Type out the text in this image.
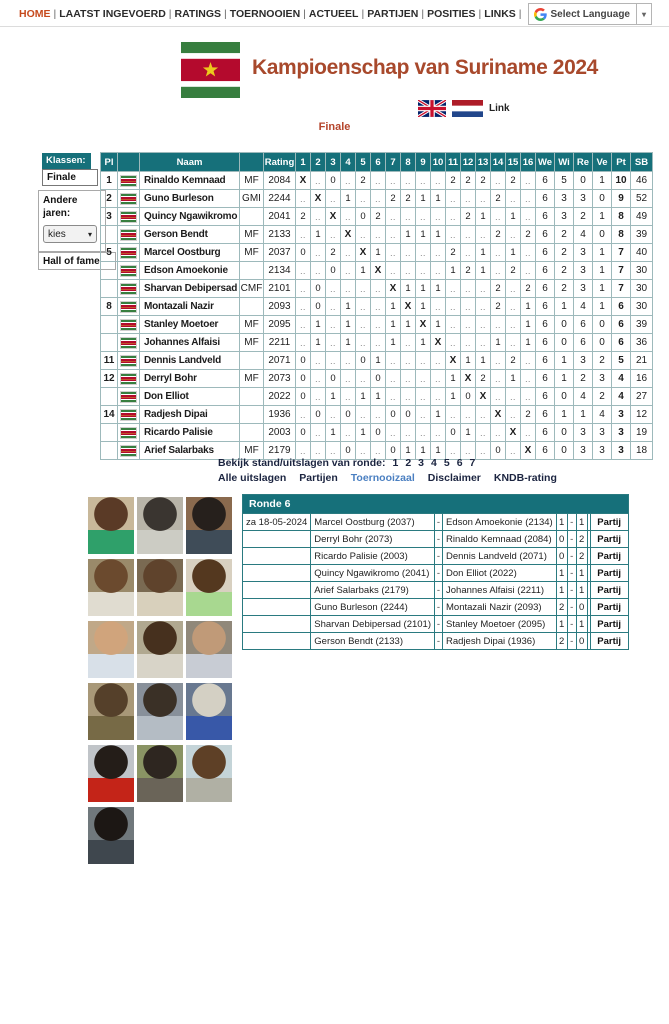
HOME | LAATST INGEVOERD | RATINGS | TOERNOOIEN | ACTUEEL | PARTIJEN | POSITIES | LINKS |	Select Language	▾
Kampioenschap van Suriname 2024
Link
Finale
Klassen:
Finale
Andere jaren:
kies	▾
Hall of fame
Pl		Naam		Rating	1	2	3	4	5	6	7	8	9	10	11	12	13	14	15	16	We	Wi	Re	Ve	Pt	SB
1		Rinaldo Kemnaad	MF	2084	X	..	0	..	2	..	..	..	..	..	2	2	2	..	2	..	6	5	0	1	10	46
2		Guno Burleson	GMI	2244	..	X	..	1	..	..	2	2	1	1	..	..	..	2	..	..	6	3	3	0	9	52
3		Quincy Ngawikromo		2041	2	..	X	..	0	2	..	..	..	..	..	2	1	..	1	..	6	3	2	1	8	49

	Gerson Bendt	MF	2133	..	1	..	X	..	..	..	1	1	1	..	..	..	2	..	2	6	2	4	0	8	39
5		Marcel Oostburg	MF	2037	0	..	2	..	X	1	..	..	..	..	2	..	1	..	1	..	6	2	3	1	7	40

	Edson Amoekonie		2134	..	..	0	..	1	X	..	..	..	..	1	2	1	..	2	..	6	2	3	1	7	30

	Sharvan Debipersad	CMF	2101	..	0	..	..	..	..	X	1	1	1	..	..	..	2	..	2	6	2	3	1	7	30
8		Montazali Nazir		2093	..	0	..	1	..	..	1	X	1	..	..	..	..	2	..	1	6	1	4	1	6	30

	Stanley Moetoer	MF	2095	..	1	..	1	..	..	1	1	X	1	..	..	..	..	..	1	6	0	6	0	6	39

	Johannes Alfaisi	MF	2211	..	1	..	1	..	..	1	..	1	X	..	..	..	1	..	1	6	0	6	0	6	36
11		Dennis Landveld		2071	0	..	..	..	0	1	..	..	..	..	X	1	1	..	2	..	6	1	3	2	5	21
12		Derryl Bohr	MF	2073	0	..	0	..	..	0	..	..	..	..	1	X	2	..	1	..	6	1	2	3	4	16

	Don Elliot		2022	0	..	1	..	1	1	..	..	..	..	1	0	X	..	..	..	6	0	4	2	4	27
14		Radjesh Dipai		1936	..	0	..	0	..	..	0	0	..	1	..	..	..	X	..	2	6	1	1	4	3	12

	Ricardo Palisie		2003	0	..	1	..	1	0	..	..	..	..	0	1	..	..	X	..	6	0	3	3	3	19

	Arief Salarbaks	MF	2179	..	..	..	0	..	..	0	1	1	1	..	..	..	0	..	X	6	0	3	3	3	18
Bekijk stand/uitslagen van ronde: 1 2 3 4 5 6 7
Alle uitslagen Partijen Toernooizaal Disclaimer KNDB-rating
Ronde 6								
za 18-05-2024	Marcel Oostburg (2037)	-	Edson Amoekonie (2134)	1	-	1		Partij
	Derryl Bohr (2073)	-	Rinaldo Kemnaad (2084)	0	-	2		Partij
	Ricardo Palisie (2003)	-	Dennis Landveld (2071)	0	-	2		Partij
	Quincy Ngawikromo (2041)	-	Don Elliot (2022)	1	-	1		Partij
	Arief Salarbaks (2179)	-	Johannes Alfaisi (2211)	1	-	1		Partij
	Guno Burleson (2244)	-	Montazali Nazir (2093)	2	-	0		Partij
	Sharvan Debipersad (2101)	-	Stanley Moetoer (2095)	1	-	1		Partij
	Gerson Bendt (2133)	-	Radjesh Dipai (1936)	2	-	0		Partij
